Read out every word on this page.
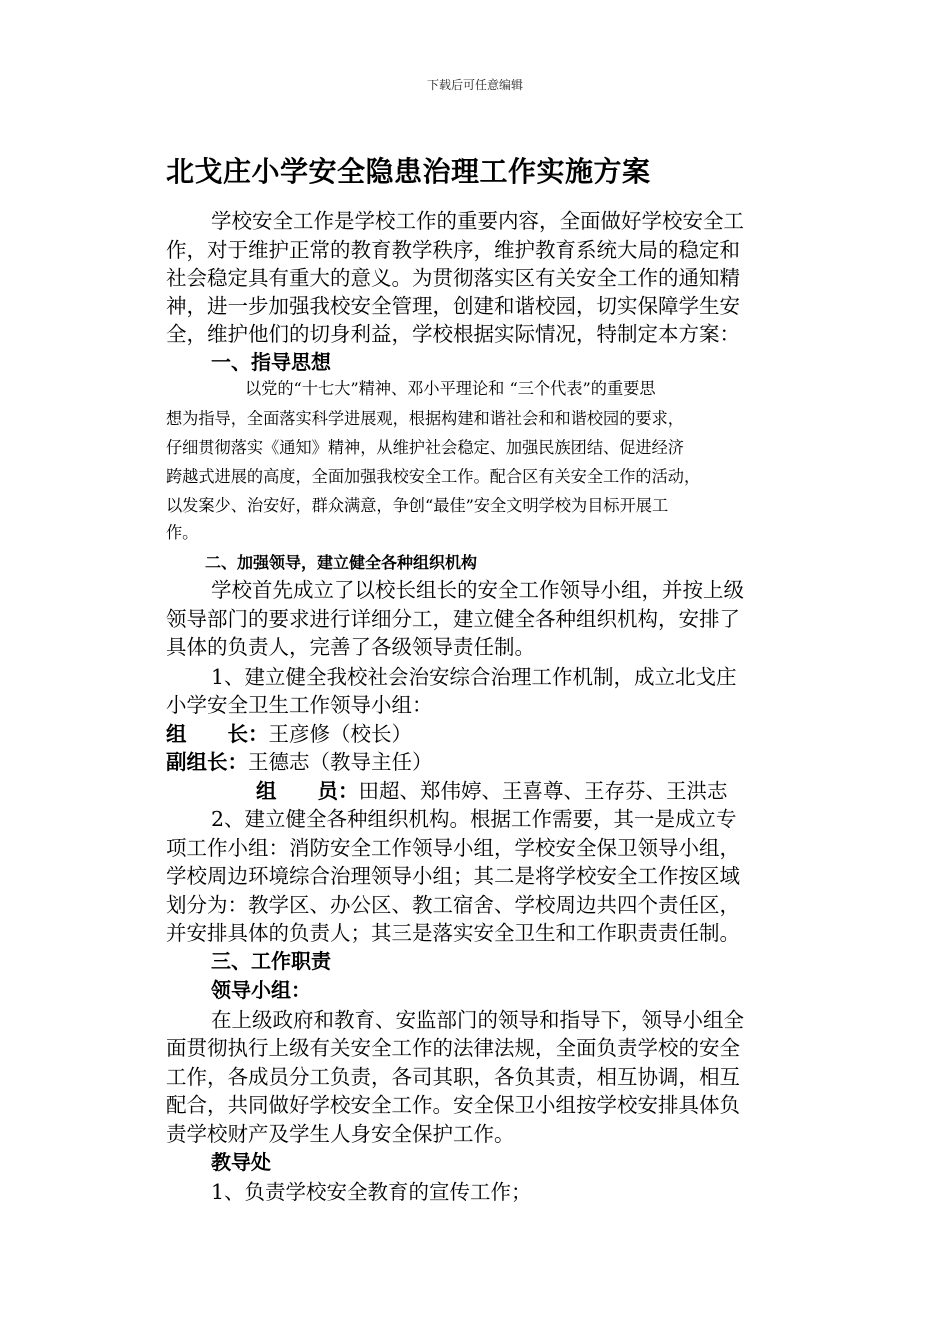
下载后可任意编辑
北戈庄小学安全隐患治理工作实施方案
学校安全工作是学校工作的重要内容，全面做好学校安全工
作，对于维护正常的教育教学秩序，维护教育系统大局的稳定和
社会稳定具有重大的意义。为贯彻落实区有关安全工作的通知精
神，进一步加强我校安全管理，创建和谐校园，切实保障学生安
全，维护他们的切身利益，学校根据实际情况，特制定本方案：
一、指导思想
以党的“十七大”精神、邓小平理论和 “三个代表”的重要思
想为指导，全面落实科学进展观，根据构建和谐社会和和谐校园的要求，
仔细贯彻落实《通知》精神，从维护社会稳定、加强民族团结、促进经济
跨越式进展的高度，全面加强我校安全工作。配合区有关安全工作的活动，
以发案少、治安好，群众满意，争创“最佳”安全文明学校为目标开展工
作。
二、加强领导，建立健全各种组织机构
学校首先成立了以校长组长的安全工作领导小组，并按上级
领导部门的要求进行详细分工，建立健全各种组织机构，安排了
具体的负责人，完善了各级领导责任制。
1、建立健全我校社会治安综合治理工作机制，成立北戈庄
小学安全卫生工作领导小组：
组　　长：王彦修（校长）
副组长：王德志（教导主任）
组　　员：田超、郑伟婷、王喜尊、王存芬、王洪志
2、建立健全各种组织机构。根据工作需要，其一是成立专
项工作小组：消防安全工作领导小组，学校安全保卫领导小组，
学校周边环境综合治理领导小组；其二是将学校安全工作按区域
划分为：教学区、办公区、教工宿舍、学校周边共四个责任区，
并安排具体的负责人；其三是落实安全卫生和工作职责责任制。
三、工作职责
领导小组：
在上级政府和教育、安监部门的领导和指导下，领导小组全
面贯彻执行上级有关安全工作的法律法规，全面负责学校的安全
工作，各成员分工负责，各司其职，各负其责，相互协调，相互
配合，共同做好学校安全工作。安全保卫小组按学校安排具体负
责学校财产及学生人身安全保护工作。
教导处
1、负责学校安全教育的宣传工作；
